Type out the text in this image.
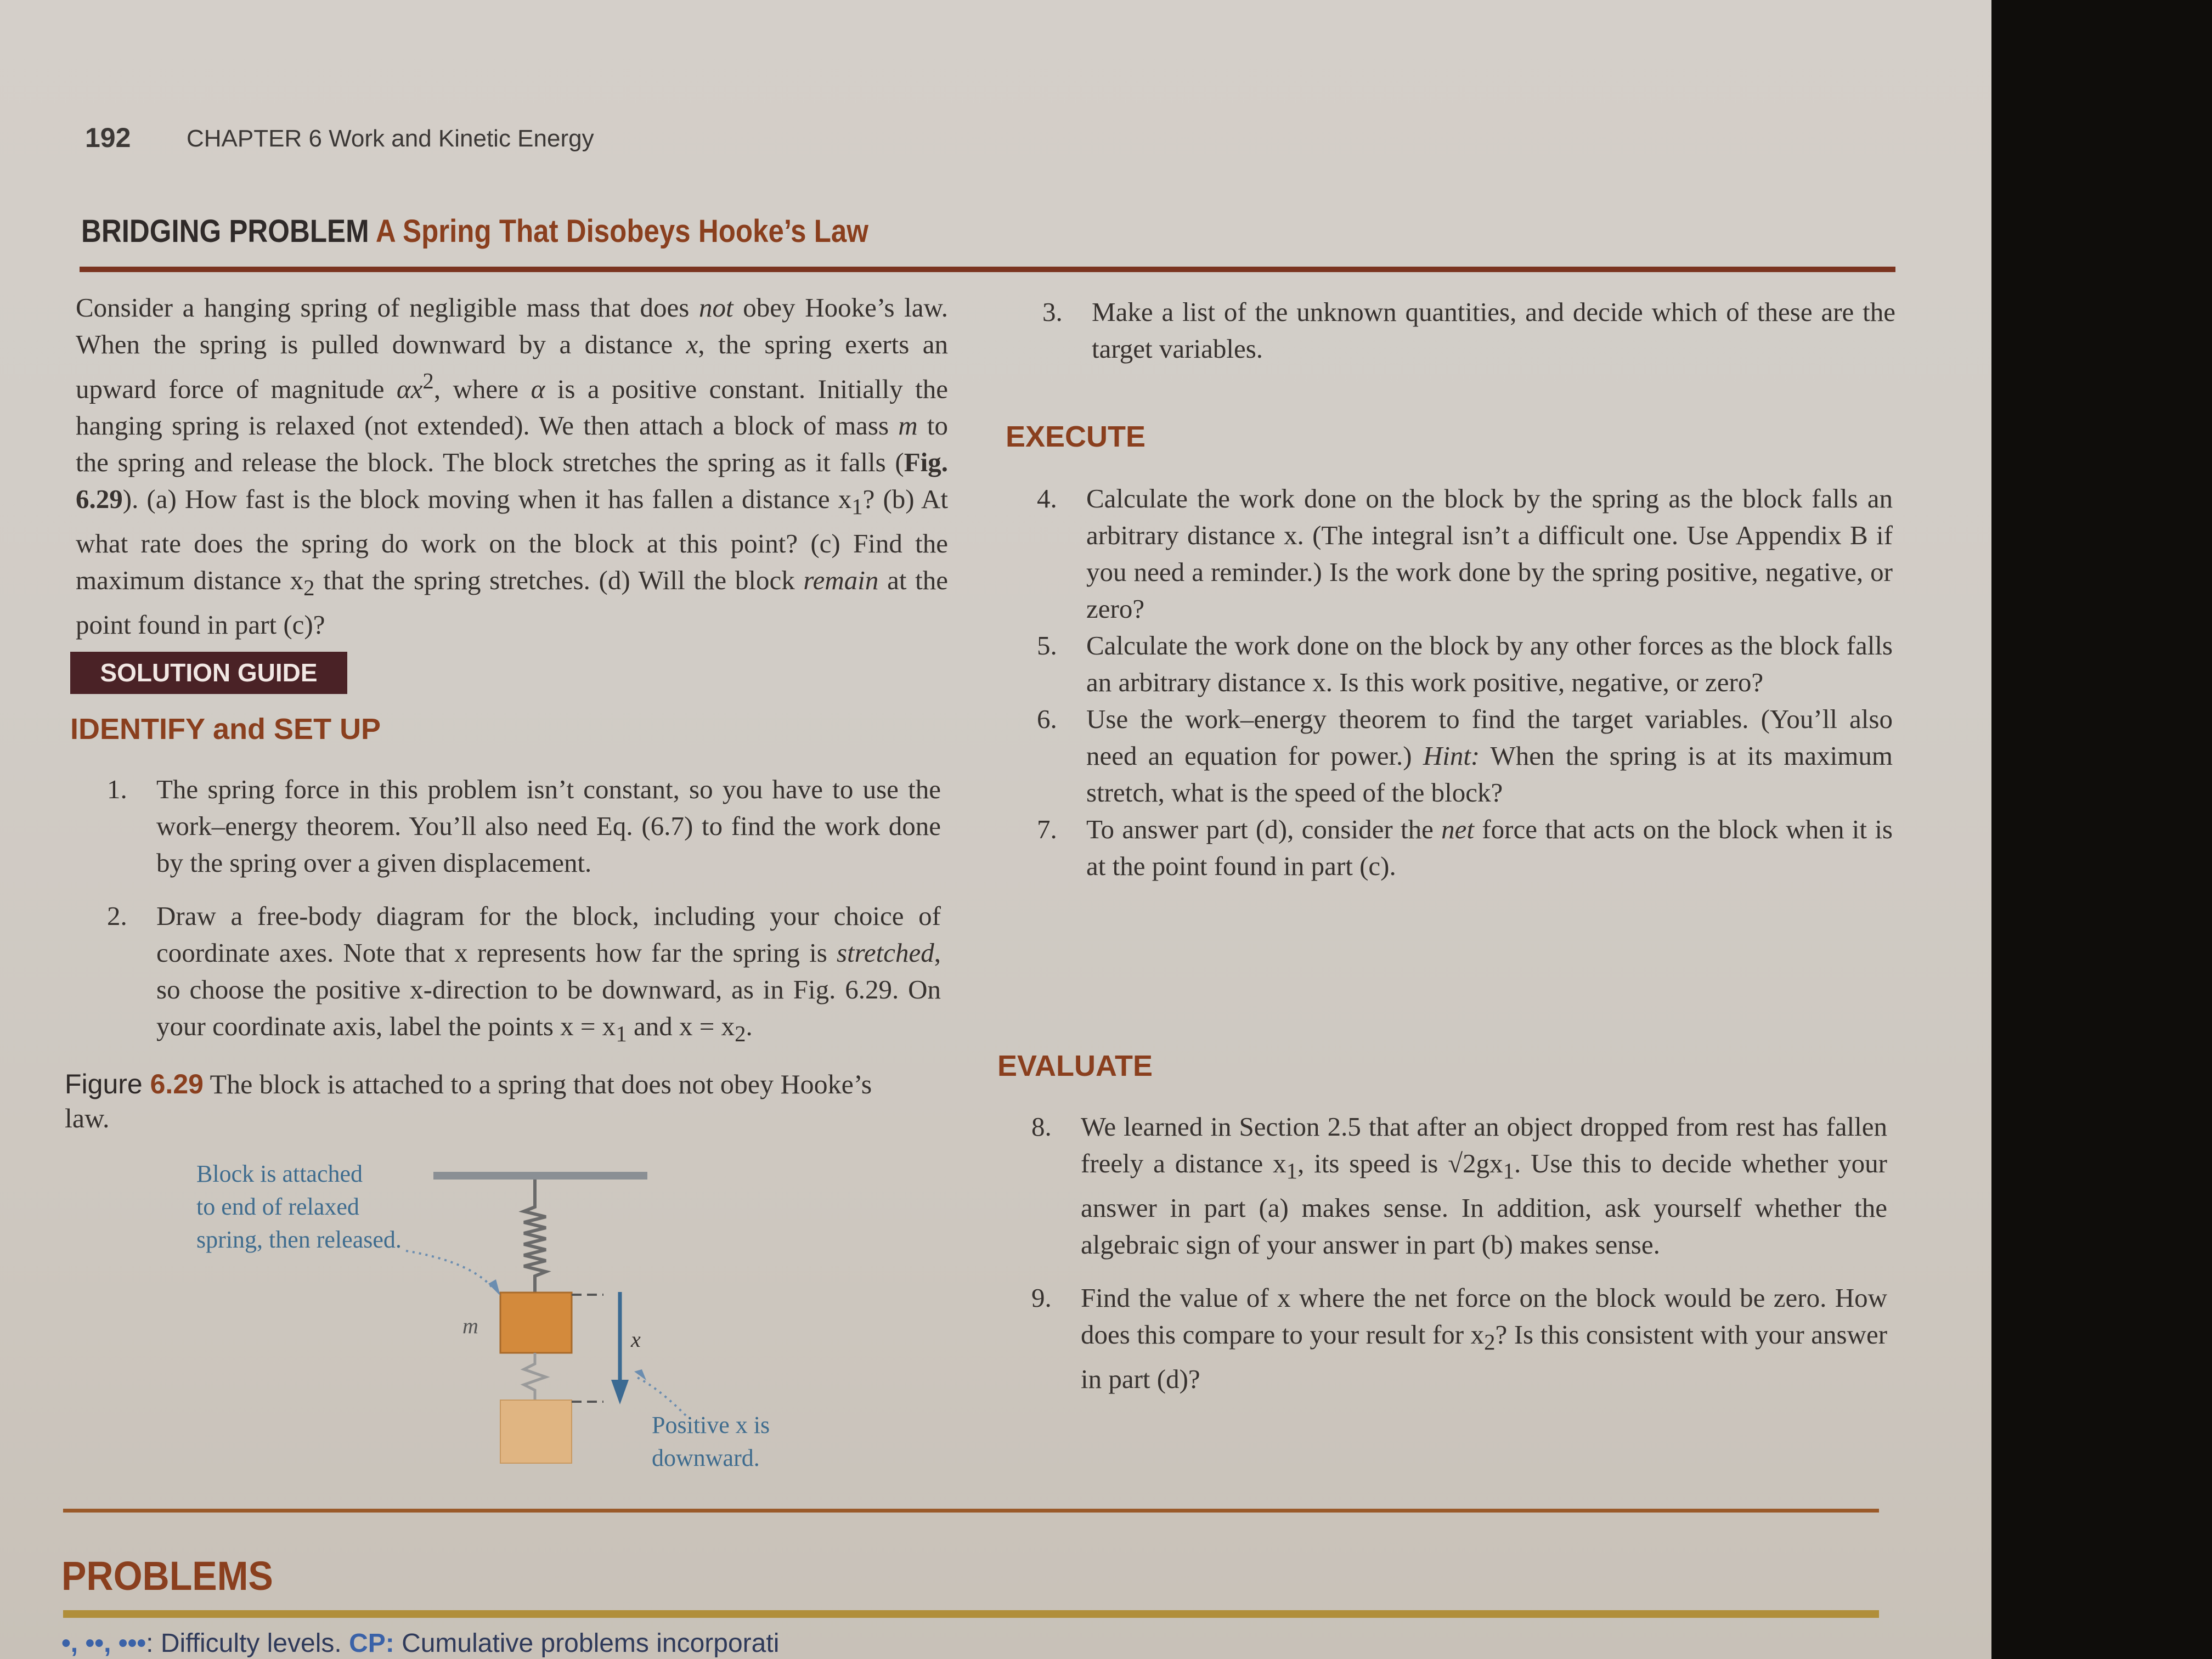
192 CHAPTER 6 Work and Kinetic Energy
BRIDGING PROBLEM A Spring That Disobeys Hooke’s Law
Consider a hanging spring of negligible mass that does not obey Hooke’s law. When the spring is pulled downward by a distance x, the spring exerts an upward force of magnitude $\alpha x^2$, where α is a positive constant. Initially the hanging spring is relaxed (not extended). We then attach a block of mass m to the spring and release the block. The block stretches the spring as it falls (Fig. 6.29). (a) How fast is the block moving when it has fallen a distance $x_1$? (b) At what rate does the spring do work on the block at this point? (c) Find the maximum distance $x_2$ that the spring stretches. (d) Will the block remain at the point found in part (c)?
SOLUTION GUIDE
IDENTIFY and SET UP
1.	The spring force in this problem isn’t constant, so you have to use the work–energy theorem. You’ll also need Eq. (6.7) to find the work done by the spring over a given displacement.
2.	Draw a free-body diagram for the block, including your choice of coordinate axes. Note that x represents how far the spring is stretched, so choose the positive x-direction to be downward, as in Fig. 6.29. On your coordinate axis, label the points $x = x_1$ and $x = x_2$.
Figure 6.29 The block is attached to a spring that does not obey Hooke’s law.
Block is attached
to end of relaxed
spring, then released.
Positive x is
downward.
m
x
3.	Make a list of the unknown quantities, and decide which of these are the target variables.
EXECUTE
4.	Calculate the work done on the block by the spring as the block falls an arbitrary distance x. (The integral isn’t a difficult one. Use Appendix B if you need a reminder.) Is the work done by the spring positive, negative, or zero?
5.	Calculate the work done on the block by any other forces as the block falls an arbitrary distance x. Is this work positive, negative, or zero?
6.	Use the work–energy theorem to find the target variables. (You’ll also need an equation for power.) Hint: When the spring is at its maximum stretch, what is the speed of the block?
7.	To answer part (d), consider the net force that acts on the block when it is at the point found in part (c).
EVALUATE
8.	We learned in Section 2.5 that after an object dropped from rest has fallen freely a distance $x_1$, its speed is $√2gx_1$. Use this to decide whether your answer in part (a) makes sense. In addition, ask yourself whether the algebraic sign of your answer in part (b) makes sense.
9.	Find the value of x where the net force on the block would be zero. How does this compare to your result for $x_2$? Is this consistent with your answer in part (d)?
PROBLEMS
•, ••, •••: Difficulty levels. CP: Cumulative problems incorporati
